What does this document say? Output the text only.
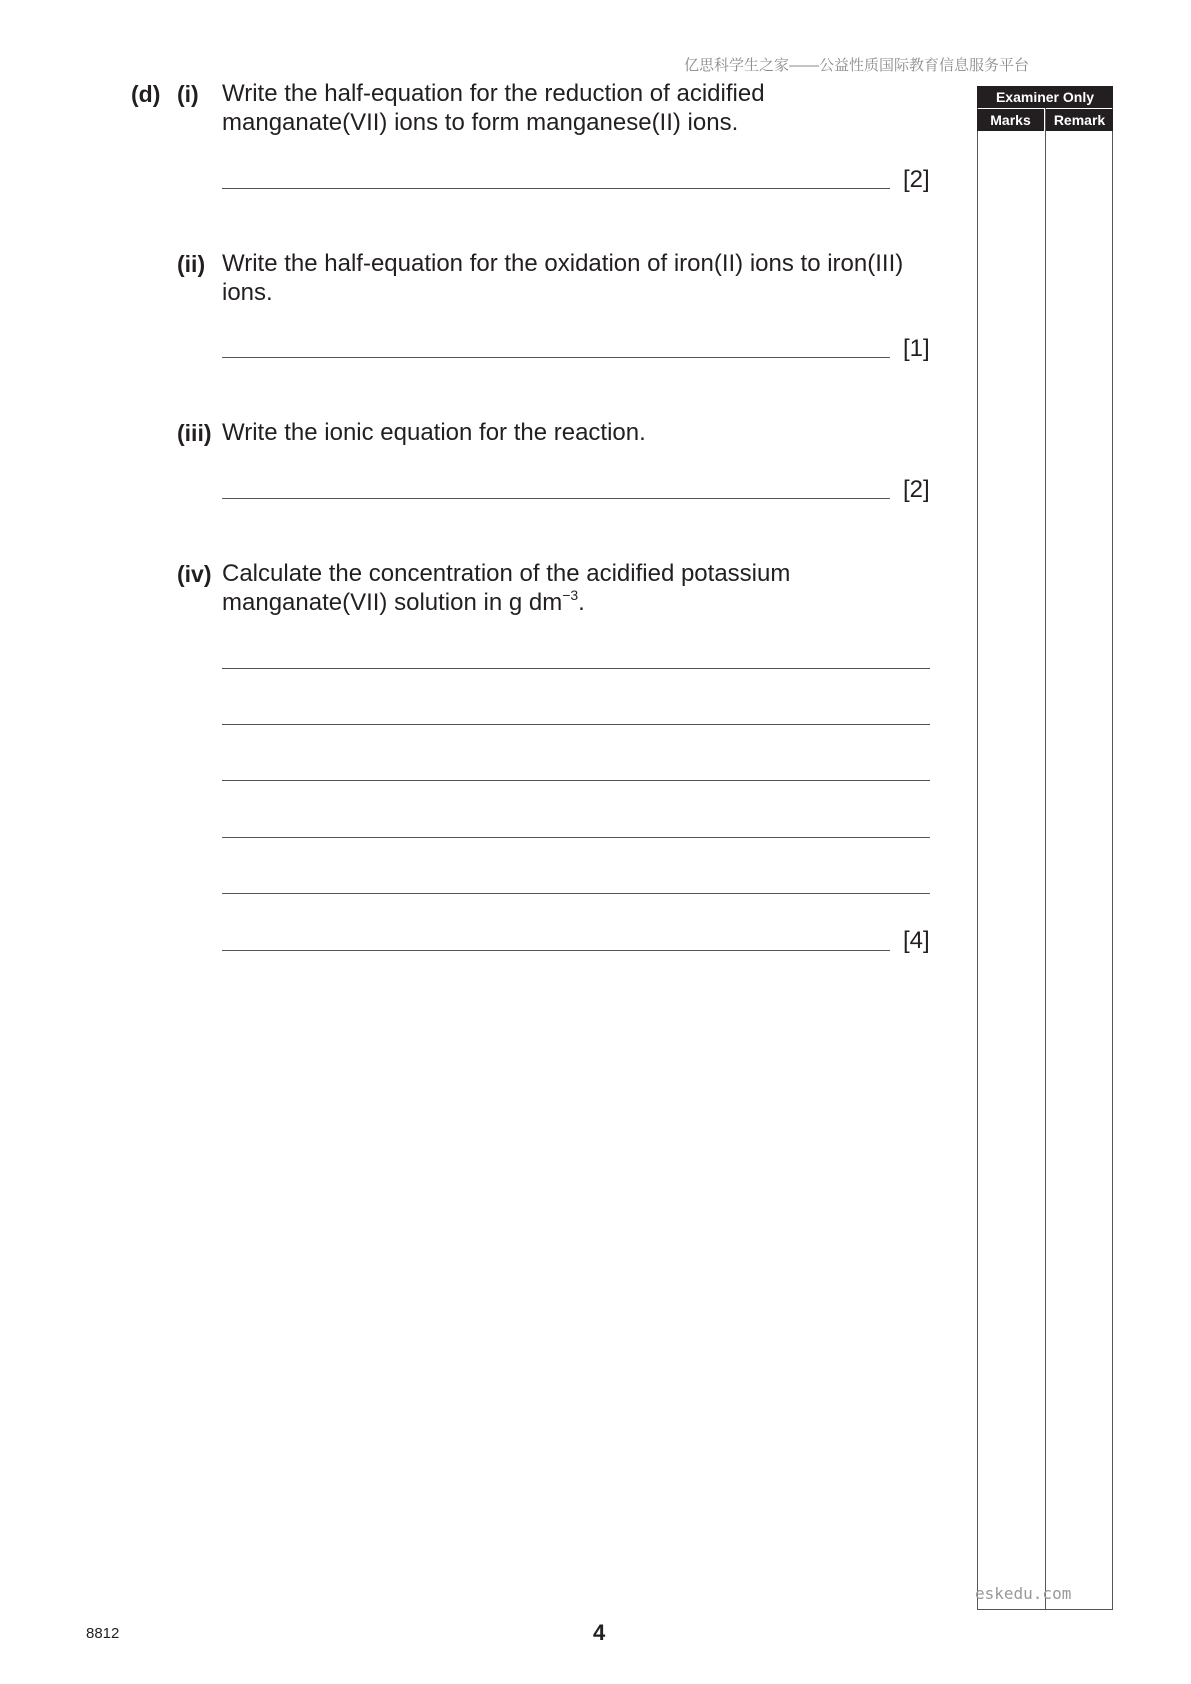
亿思科学生之家——公益性质国际教育信息服务平台
Examiner Only
Marks	Remark
(d) (i) Write the half-equation for the reduction of acidified
manganate(VII) ions to form manganese(II) ions.
[2]
(ii) Write the half-equation for the oxidation of iron(II) ions to iron(III)
ions.
[1]
(iii) Write the ionic equation for the reaction.
[2]
(iv) Calculate the concentration of the acidified potassium
manganate(VII) solution in g $dm^{-3}$.
[4]
eskedu.com
8812	4
